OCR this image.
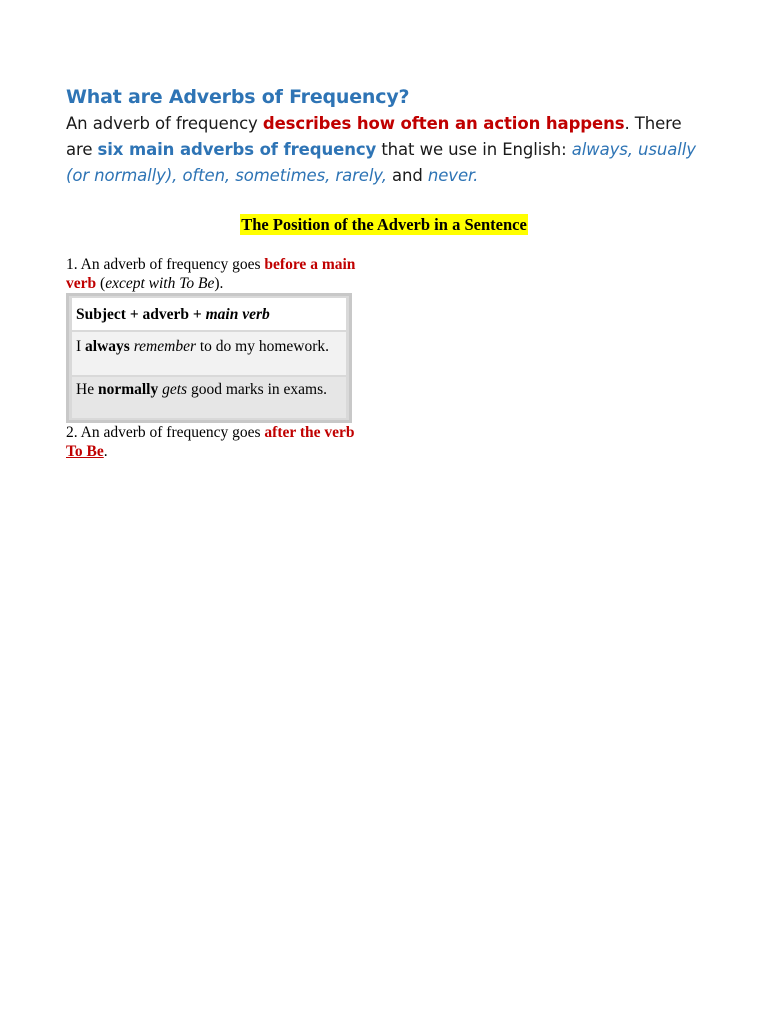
What are Adverbs of Frequency?

An adverb of frequency describes how often an action happens. There are six main adverbs of frequency that we use in English: always, usually (or normally), often, sometimes, rarely, and never.

The Position of the Adverb in a Sentence

1. An adverb of frequency goes before a main verb (except with To Be).

Subject + adverb + main verb
I always remember to do my homework.
He normally gets good marks in exams.

2. An adverb of frequency goes after the verb To Be.
